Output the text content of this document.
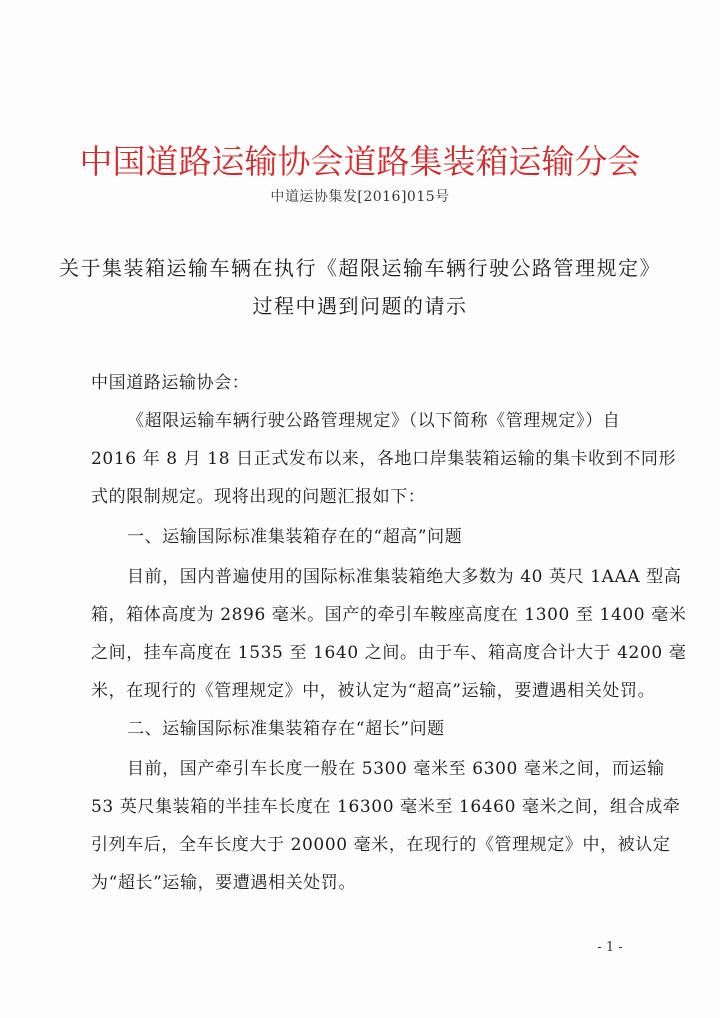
中国道路运输协会道路集装箱运输分会
中道运协集发[2016]015号
关于集装箱运输车辆在执行《超限运输车辆行驶公路管理规定》
过程中遇到问题的请示
中国道路运输协会：
《超限运输车辆行驶公路管理规定》（以下简称《管理规定》）自
2016 年 8 月 18 日正式发布以来，各地口岸集装箱运输的集卡收到不同形
式的限制规定。现将出现的问题汇报如下：
一、运输国际标准集装箱存在的“超高”问题
目前，国内普遍使用的国际标准集装箱绝大多数为 40 英尺 1AAA 型高
箱，箱体高度为 2896 毫米。国产的牵引车鞍座高度在 1300 至 1400 毫米
之间，挂车高度在 1535 至 1640 之间。由于车、箱高度合计大于 4200 毫
米，在现行的《管理规定》中，被认定为“超高”运输，要遭遇相关处罚。
二、运输国际标准集装箱存在“超长”问题
目前，国产牵引车长度一般在 5300 毫米至 6300 毫米之间，而运输
53 英尺集装箱的半挂车长度在 16300 毫米至 16460 毫米之间，组合成牵
引列车后，全车长度大于 20000 毫米，在现行的《管理规定》中，被认定
为“超长”运输，要遭遇相关处罚。
- 1 -
